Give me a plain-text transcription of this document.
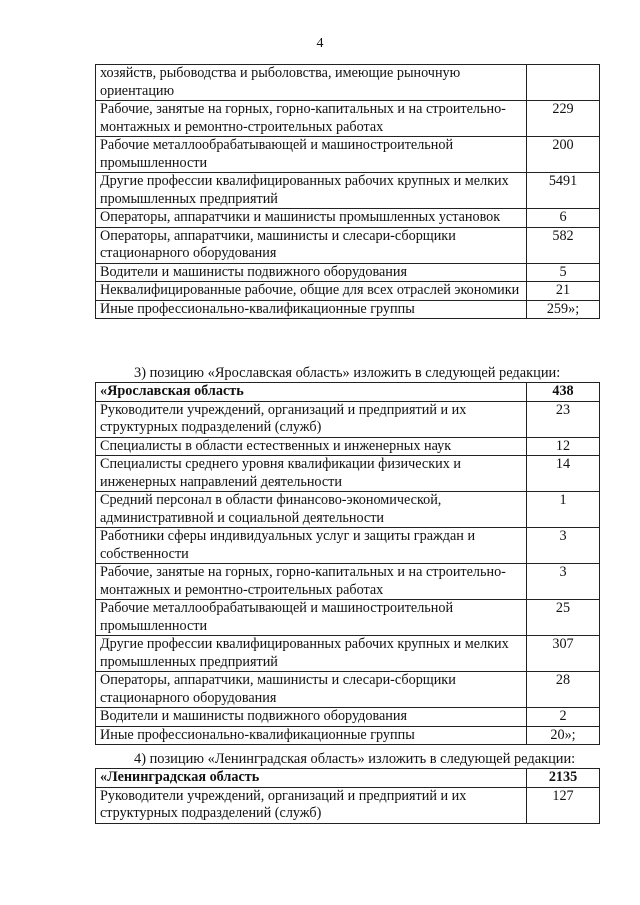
4
хозяйств, рыбоводства и рыболовства, имеющие рыночную ориентацию	
Рабочие, занятые на горных, горно-капитальных и на строительно-монтажных и ремонтно-строительных работах	229
Рабочие металлообрабатывающей и машиностроительной промышленности	200
Другие профессии квалифицированных рабочих крупных и мелких промышленных предприятий	5491
Операторы, аппаратчики и машинисты промышленных установок	6
Операторы, аппаратчики, машинисты и слесари-сборщики стационарного оборудования	582
Водители и машинисты подвижного оборудования	5
Неквалифицированные рабочие, общие для всех отраслей экономики	21
Иные профессионально-квалификационные группы	259»;
3) позицию «Ярославская область» изложить в следующей редакции:
«Ярославская область	438
Руководители учреждений, организаций и предприятий и их структурных подразделений (служб)	23
Специалисты в области естественных и инженерных наук	12
Специалисты среднего уровня квалификации физических и инженерных направлений деятельности	14
Средний персонал в области финансово-экономической, административной и социальной деятельности	1
Работники сферы индивидуальных услуг и защиты граждан и собственности	3
Рабочие, занятые на горных, горно-капитальных и на строительно-монтажных и ремонтно-строительных работах	3
Рабочие металлообрабатывающей и машиностроительной промышленности	25
Другие профессии квалифицированных рабочих крупных и мелких промышленных предприятий	307
Операторы, аппаратчики, машинисты и слесари-сборщики стационарного оборудования	28
Водители и машинисты подвижного оборудования	2
Иные профессионально-квалификационные группы	20»;
4) позицию «Ленинградская область» изложить в следующей редакции:
«Ленинградская область	2135
Руководители учреждений, организаций и предприятий и их структурных подразделений (служб)	127
